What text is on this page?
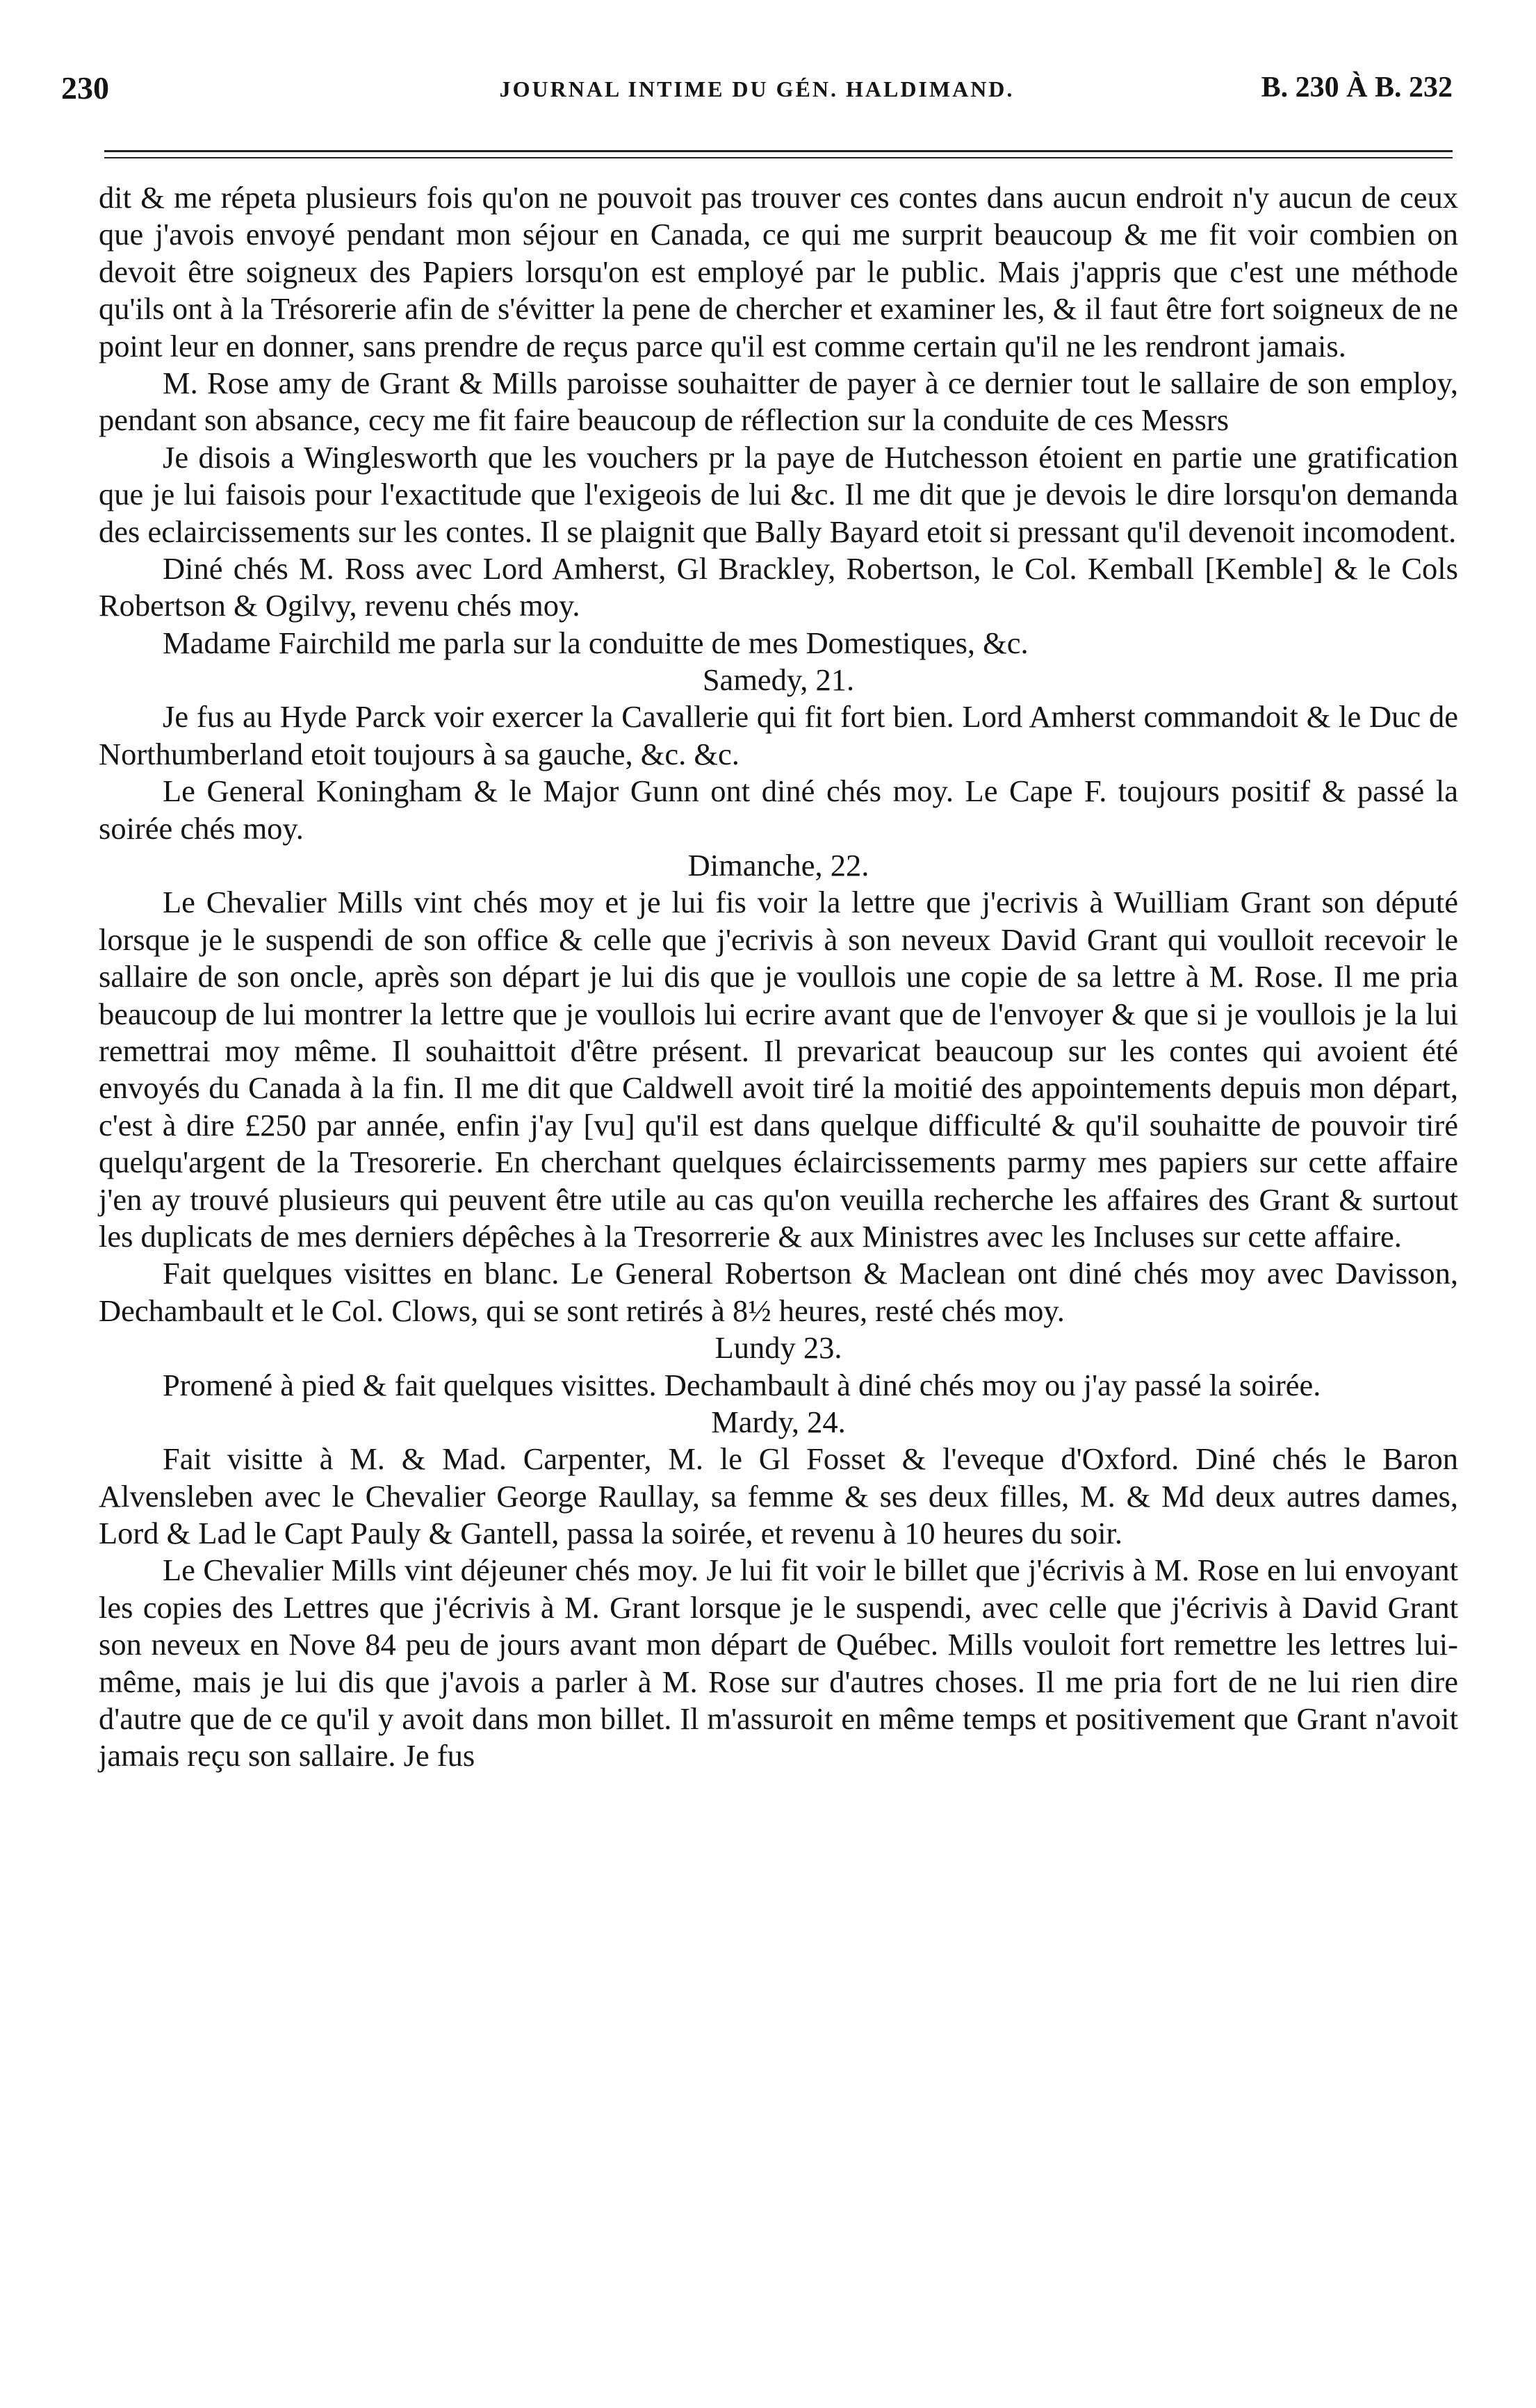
230	JOURNAL INTIME DU GÉN. HALDIMAND.	B. 230 À B. 232

dit & me répeta plusieurs fois qu'on ne pouvoit pas trouver ces contes dans aucun endroit n'y aucun de ceux que j'avois envoyé pendant mon séjour en Canada, ce qui me surprit beaucoup & me fit voir combien on devoit être soigneux des Papiers lorsqu'on est employé par le public. Mais j'appris que c'est une méthode qu'ils ont à la Trésorerie afin de s'évitter la pene de chercher et examiner les, & il faut être fort soigneux de ne point leur en donner, sans prendre de reçus parce qu'il est comme certain qu'il ne les rendront jamais.

M. Rose amy de Grant & Mills paroisse souhaitter de payer à ce dernier tout le sallaire de son employ, pendant son absance, cecy me fit faire beaucoup de réflection sur la conduite de ces Messrs

Je disois a Winglesworth que les vouchers pr la paye de Hutchesson étoient en partie une gratification que je lui faisois pour l'exactitude que l'exigeois de lui &c. Il me dit que je devois le dire lorsqu'on demanda des eclaircissements sur les contes. Il se plaignit que Bally Bayard etoit si pressant qu'il devenoit incomodent.

Diné chés M. Ross avec Lord Amherst, Gl Brackley, Robertson, le Col. Kemball [Kemble] & le Cols Robertson & Ogilvy, revenu chés moy.

Madame Fairchild me parla sur la conduitte de mes Domestiques, &c.

Samedy, 21.

Je fus au Hyde Parck voir exercer la Cavallerie qui fit fort bien. Lord Amherst commandoit & le Duc de Northumberland etoit toujours à sa gauche, &c. &c.

Le General Koningham & le Major Gunn ont diné chés moy. Le Cape F. toujours positif & passé la soirée chés moy.

Dimanche, 22.

Le Chevalier Mills vint chés moy et je lui fis voir la lettre que j'ecrivis à Wuilliam Grant son député lorsque je le suspendi de son office & celle que j'ecrivis à son neveux David Grant qui voulloit recevoir le sallaire de son oncle, après son départ je lui dis que je voullois une copie de sa lettre à M. Rose. Il me pria beaucoup de lui montrer la lettre que je voullois lui ecrire avant que de l'envoyer & que si je voullois je la lui remettrai moy même. Il souhaittoit d'être présent. Il prevaricat beaucoup sur les contes qui avoient été envoyés du Canada à la fin. Il me dit que Caldwell avoit tiré la moitié des appointements depuis mon départ, c'est à dire £250 par année, enfin j'ay [vu] qu'il est dans quelque difficulté & qu'il souhaitte de pouvoir tiré quelqu'argent de la Tresorerie. En cherchant quelques éclaircissements parmy mes papiers sur cette affaire j'en ay trouvé plusieurs qui peuvent être utile au cas qu'on veuilla recherche les affaires des Grant & surtout les duplicats de mes derniers dépêches à la Tresorrerie & aux Ministres avec les Incluses sur cette affaire.

Fait quelques visittes en blanc. Le General Robertson & Maclean ont diné chés moy avec Davisson, Dechambault et le Col. Clows, qui se sont retirés à 8½ heures, resté chés moy.

Lundy 23.

Promené à pied & fait quelques visittes. Dechambault à diné chés moy ou j'ay passé la soirée.

Mardy, 24.

Fait visitte à M. & Mad. Carpenter, M. le Gl Fosset & l'eveque d'Oxford. Diné chés le Baron Alvensleben avec le Chevalier George Raullay, sa femme & ses deux filles, M. & Md deux autres dames, Lord & Lad le Capt Pauly & Gantell, passa la soirée, et revenu à 10 heures du soir.

Le Chevalier Mills vint déjeuner chés moy. Je lui fit voir le billet que j'écrivis à M. Rose en lui envoyant les copies des Lettres que j'écrivis à M. Grant lorsque je le suspendi, avec celle que j'écrivis à David Grant son neveux en Nove 84 peu de jours avant mon départ de Québec. Mills vouloit fort remettre les lettres lui-même, mais je lui dis que j'avois a parler à M. Rose sur d'autres choses. Il me pria fort de ne lui rien dire d'autre que de ce qu'il y avoit dans mon billet. Il m'assuroit en même temps et positivement que Grant n'avoit jamais reçu son sallaire. Je fus
